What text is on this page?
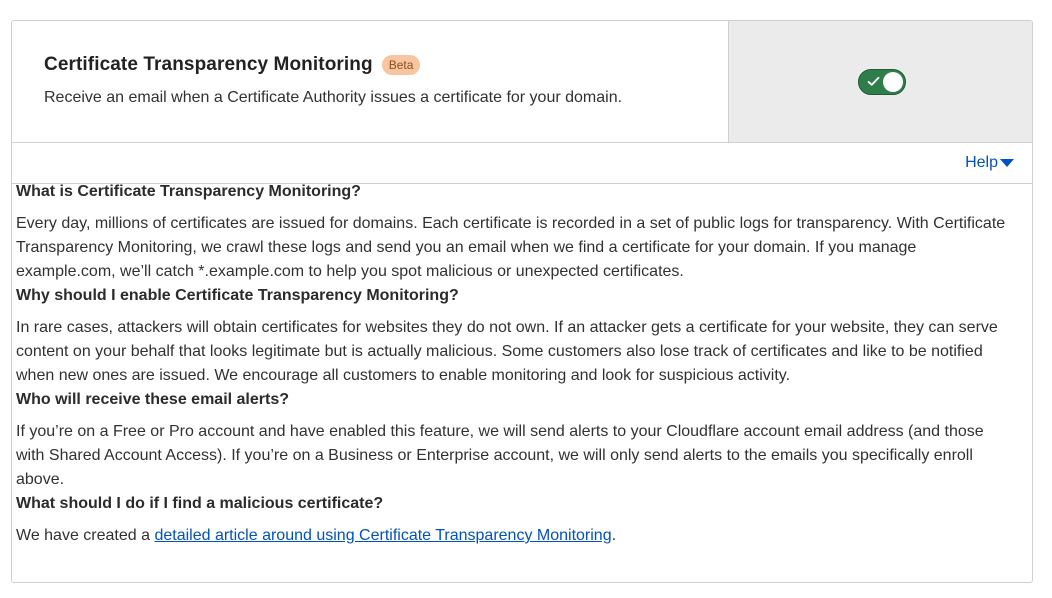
Certificate Transparency Monitoring	Beta
Receive an email when a Certificate Authority issues a certificate for your domain.
Help

What is Certificate Transparency Monitoring?

Every day, millions of certificates are issued for domains. Each certificate is recorded in a set of public logs for transparency. With Certificate Transparency Monitoring, we crawl these logs and send you an email when we find a certificate for your domain. If you manage example.com, we’ll catch *.example.com to help you spot malicious or unexpected certificates.

Why should I enable Certificate Transparency Monitoring?

In rare cases, attackers will obtain certificates for websites they do not own. If an attacker gets a certificate for your website, they can serve content on your behalf that looks legitimate but is actually malicious. Some customers also lose track of certificates and like to be notified when new ones are issued. We encourage all customers to enable monitoring and look for suspicious activity.

Who will receive these email alerts?

If you’re on a Free or Pro account and have enabled this feature, we will send alerts to your Cloudflare account email address (and those with Shared Account Access). If you’re on a Business or Enterprise account, we will only send alerts to the emails you specifically enroll above.

What should I do if I find a malicious certificate?

We have created a detailed article around using Certificate Transparency Monitoring.
